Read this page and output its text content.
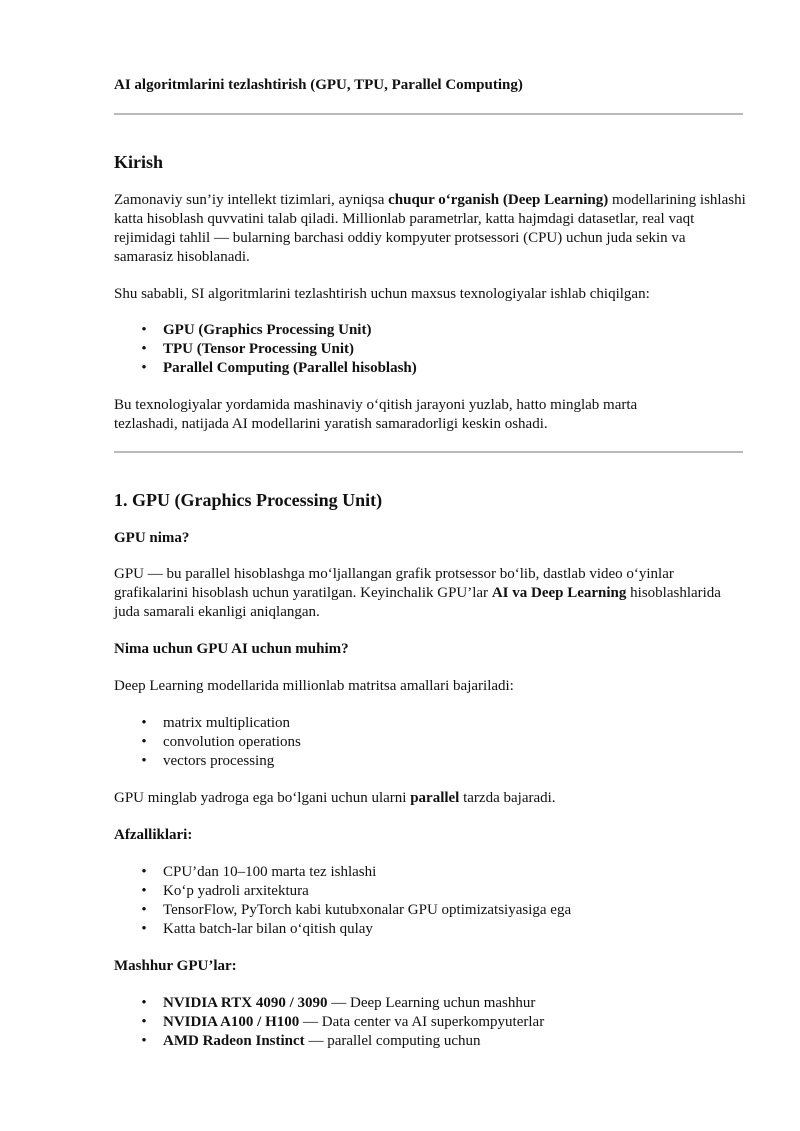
AI algoritmlarini tezlashtirish (GPU, TPU, Parallel Computing)
Kirish

Zamonaviy sun’iy intellekt tizimlari, ayniqsa chuqur o‘rganish (Deep Learning) modellarining ishlashi katta hisoblash quvvatini talab qiladi. Millionlab parametrlar, katta hajmdagi datasetlar, real vaqt rejimidagi tahlil — bularning barchasi oddiy kompyuter protsessori (CPU) uchun juda sekin va samarasiz hisoblanadi.

Shu sababli, SI algoritmlarini tezlashtirish uchun maxsus texnologiyalar ishlab chiqilgan:
• GPU (Graphics Processing Unit)
• TPU (Tensor Processing Unit)
• Parallel Computing (Parallel hisoblash)
Bu texnologiyalar yordamida mashinaviy o‘qitish jarayoni yuzlab, hatto minglab marta tezlashadi, natijada AI modellarini yaratish samaradorligi keskin oshadi.
1. GPU (Graphics Processing Unit)
GPU nima?

GPU — bu parallel hisoblashga mo‘ljallangan grafik protsessor bo‘lib, dastlab video o‘yinlar grafikalarini hisoblash uchun yaratilgan. Keyinchalik GPU’lar AI va Deep Learning hisoblashlarida juda samarali ekanligi aniqlangan.

Nima uchun GPU AI uchun muhim?
Deep Learning modellarida millionlab matritsa amallari bajariladi:
• matrix multiplication
• convolution operations
• vectors processing

GPU minglab yadroga ega bo‘lgani uchun ularni parallel tarzda bajaradi.

Afzalliklari:
• CPU’dan 10–100 marta tez ishlashi
• Ko‘p yadroli arxitektura
• TensorFlow, PyTorch kabi kutubxonalar GPU optimizatsiyasiga ega
• Katta batch-lar bilan o‘qitish qulay
Mashhur GPU’lar:
• NVIDIA RTX 4090 / 3090 — Deep Learning uchun mashhur
• NVIDIA A100 / H100 — Data center va AI superkompyuterlar
• AMD Radeon Instinct — parallel computing uchun
